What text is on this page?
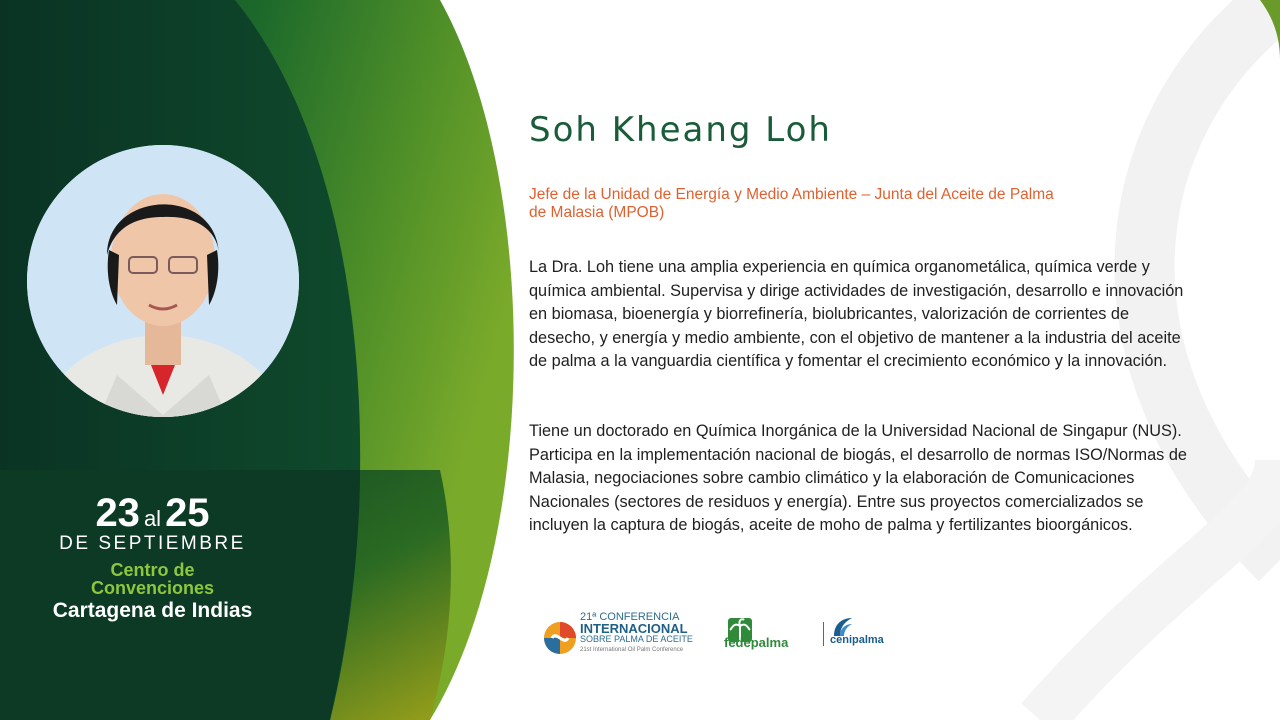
23 al 25
DE SEPTIEMBRE
Centro de
Convenciones
Cartagena de Indias
Soh Kheang Loh
Jefe de la Unidad de Energía y Medio Ambiente – Junta del Aceite de Palma de Malasia (MPOB)

La Dra. Loh tiene una amplia experiencia en química organometálica, química verde y química ambiental. Supervisa y dirige actividades de investigación, desarrollo e innovación en biomasa, bioenergía y biorrefinería, biolubricantes, valorización de corrientes de desecho, y energía y medio ambiente, con el objetivo de mantener a la industria del aceite de palma a la vanguardia científica y fomentar el crecimiento económico y la innovación.

Tiene un doctorado en Química Inorgánica de la Universidad Nacional de Singapur (NUS). Participa en la implementación nacional de biogás, el desarrollo de normas ISO/Normas de Malasia, negociaciones sobre cambio climático y la elaboración de Comunicaciones Nacionales (sectores de residuos y energía). Entre sus proyectos comercializados se incluyen la captura de biogás, aceite de moho de palma y fertilizantes bioorgánicos.

21ª CONFERENCIA
INTERNACIONAL
SOBRE PALMA DE ACEITE
21st International Oil Palm Conference	fedepalma	cenipalma
